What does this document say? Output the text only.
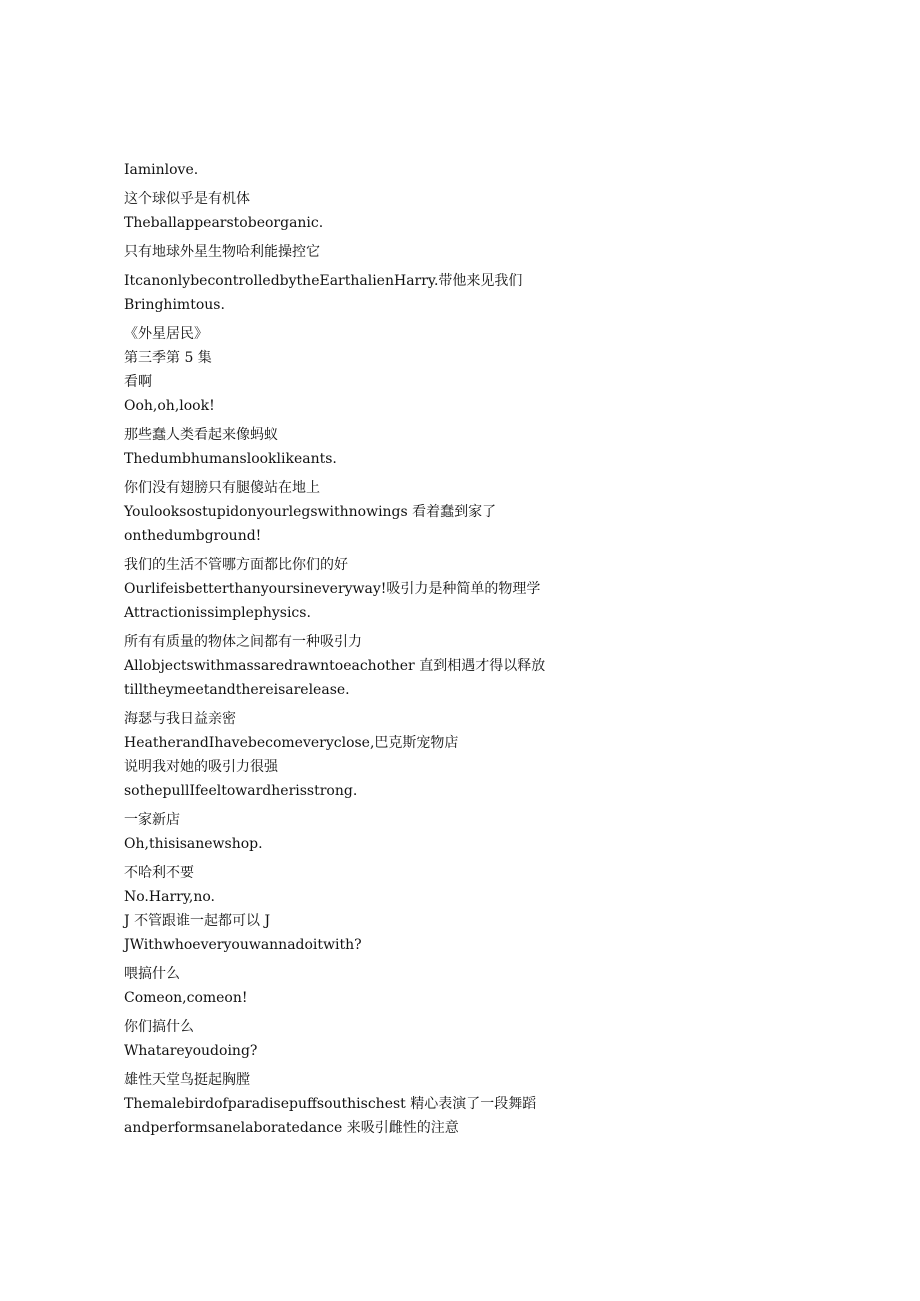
Iaminlove.
这个球似乎是有机体
Theballappearstobeorganic.
只有地球外星生物哈利能操控它
ItcanonlybecontrolledbytheEarthalienHarry.带他来见我们
Bringhimtous.
《外星居民》
第三季第 5 集
看啊
Ooh,oh,look!
那些蠢人类看起来像蚂蚁
Thedumbhumanslooklikeants.
你们没有翅膀只有腿傻站在地上
Youlooksostupidonyourlegswithnowings 看着蠢到家了
onthedumbground!
我们的生活不管哪方面都比你们的好
Ourlifeisbetterthanyoursineveryway!吸引力是种简单的物理学
Attractionissimplephysics.
所有有质量的物体之间都有一种吸引力
Allobjectswithmassaredrawntoeachother 直到相遇才得以释放
tilltheymeetandthereisarelease.
海瑟与我日益亲密
HeatherandIhavebecomeveryclose,巴克斯宠物店
说明我对她的吸引力很强
sothepullIfeeltowardherisstrong.
一家新店
Oh,thisisanewshop.
不哈利不要
No.Harry,no.
J 不管跟谁一起都可以 J
JWithwhoeveryouwannadoitwith?
喂搞什么
Comeon,comeon!
你们搞什么
Whatareyoudoing?
雄性天堂鸟挺起胸膛
Themalebirdofparadisepuffsouthischest 精心表演了一段舞蹈
andperformsanelaboratedance 来吸引雌性的注意
